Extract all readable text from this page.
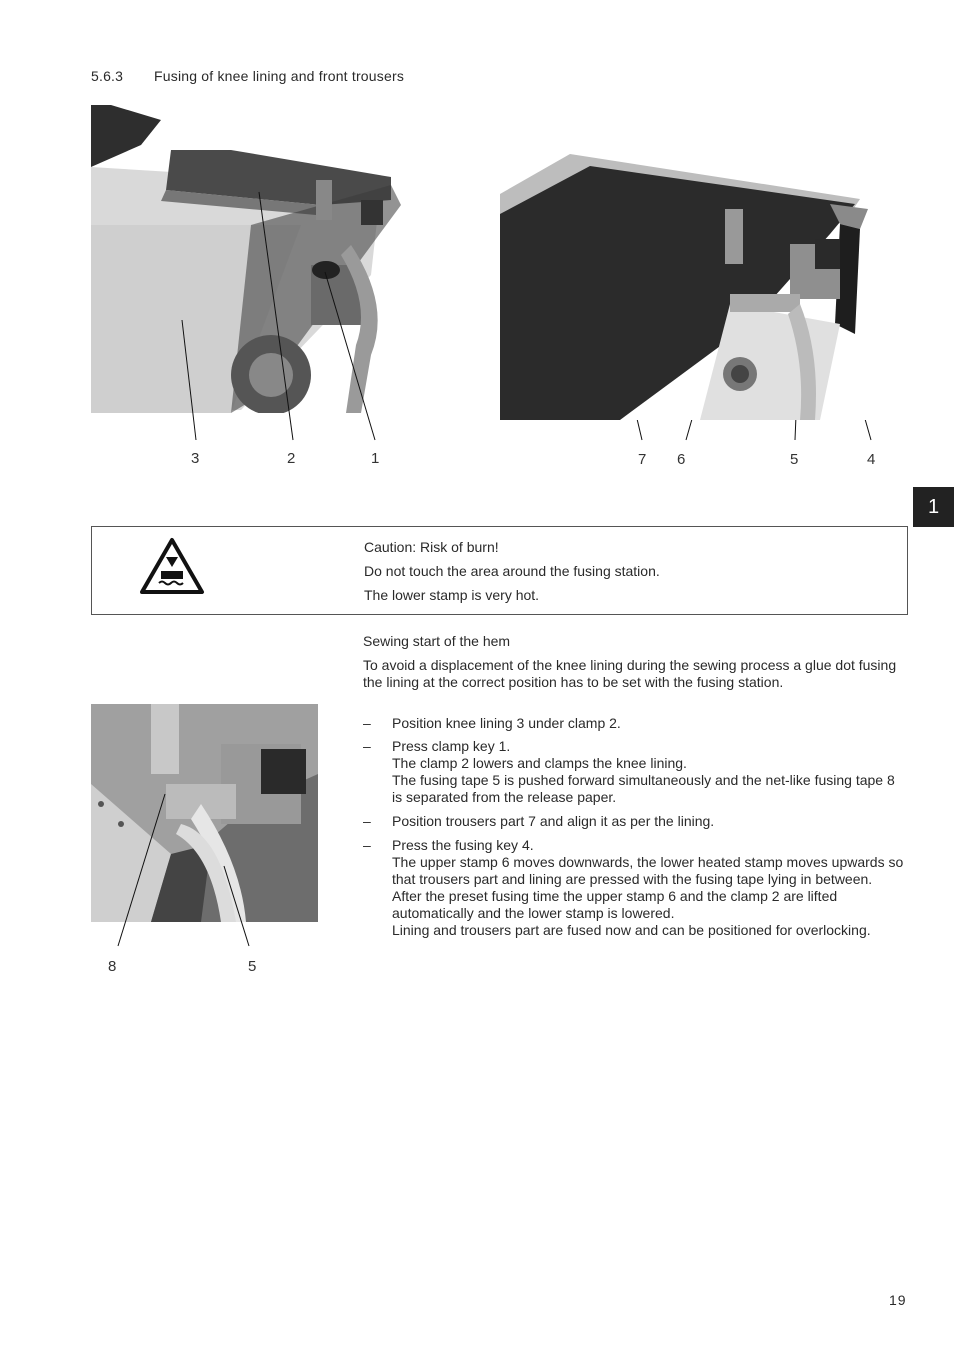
5.6.3 Fusing of knee lining and front trousers
3	2	1	7 6	5	4
1
Caution: Risk of burn!
Do not touch the area around the fusing station.
The lower stamp is very hot.
8	5
Sewing start of the hem
To avoid a displacement of the knee lining during the sewing process a glue dot fusing the lining at the correct position has to be set with the fusing station.
– Position knee lining 3 under clamp 2.
– Press clamp key 1.
The clamp 2 lowers and clamps the knee lining.
The fusing tape 5 is pushed forward simultaneously and the net-like fusing tape 8 is separated from the release paper.
– Position trousers part 7 and align it as per the lining.
– Press the fusing key 4.
The upper stamp 6 moves downwards, the lower heated stamp moves upwards so that trousers part and lining are pressed with the fusing tape lying in between.
After the preset fusing time the upper stamp 6 and the clamp 2 are lifted automatically and the lower stamp is lowered.
Lining and trousers part are fused now and can be positioned for overlocking.
19
